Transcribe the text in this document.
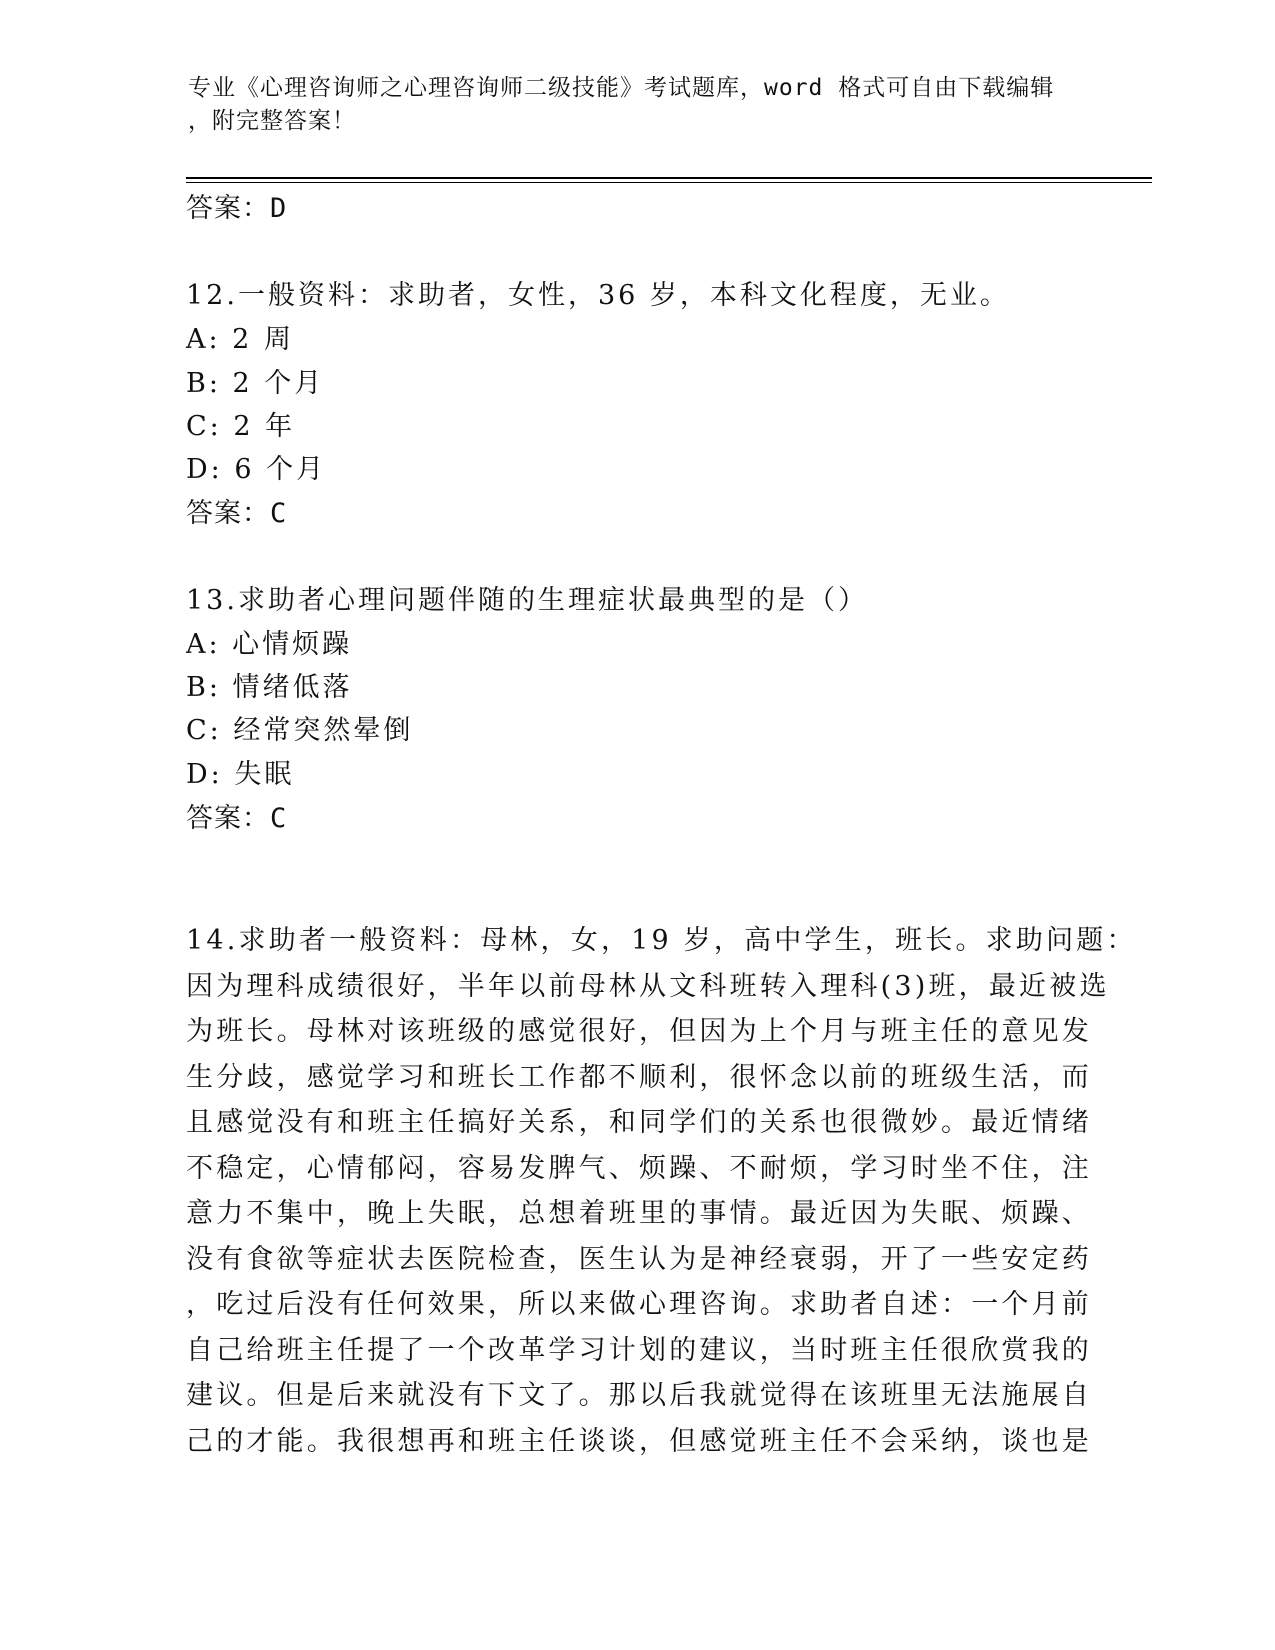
专业《心理咨询师之心理咨询师二级技能》考试题库，word 格式可自由下载编辑
，附完整答案！
答案：D
12.一般资料：求助者，女性，36 岁，本科文化程度，无业。
A: 2 周
B: 2 个月
C: 2 年
D: 6 个月
答案：C
13.求助者心理问题伴随的生理症状最典型的是（）
A: 心情烦躁
B: 情绪低落
C: 经常突然晕倒
D: 失眠
答案：C
14.求助者一般资料：母林，女，19 岁，高中学生，班长。求助问题：
因为理科成绩很好，半年以前母林从文科班转入理科(3)班，最近被选
为班长。母林对该班级的感觉很好，但因为上个月与班主任的意见发
生分歧，感觉学习和班长工作都不顺利，很怀念以前的班级生活，而
且感觉没有和班主任搞好关系，和同学们的关系也很微妙。最近情绪
不稳定，心情郁闷，容易发脾气、烦躁、不耐烦，学习时坐不住，注
意力不集中，晚上失眠，总想着班里的事情。最近因为失眠、烦躁、
没有食欲等症状去医院检查，医生认为是神经衰弱，开了一些安定药
，吃过后没有任何效果，所以来做心理咨询。求助者自述：一个月前
自己给班主任提了一个改革学习计划的建议，当时班主任很欣赏我的
建议。但是后来就没有下文了。那以后我就觉得在该班里无法施展自
己的才能。我很想再和班主任谈谈，但感觉班主任不会采纳，谈也是
